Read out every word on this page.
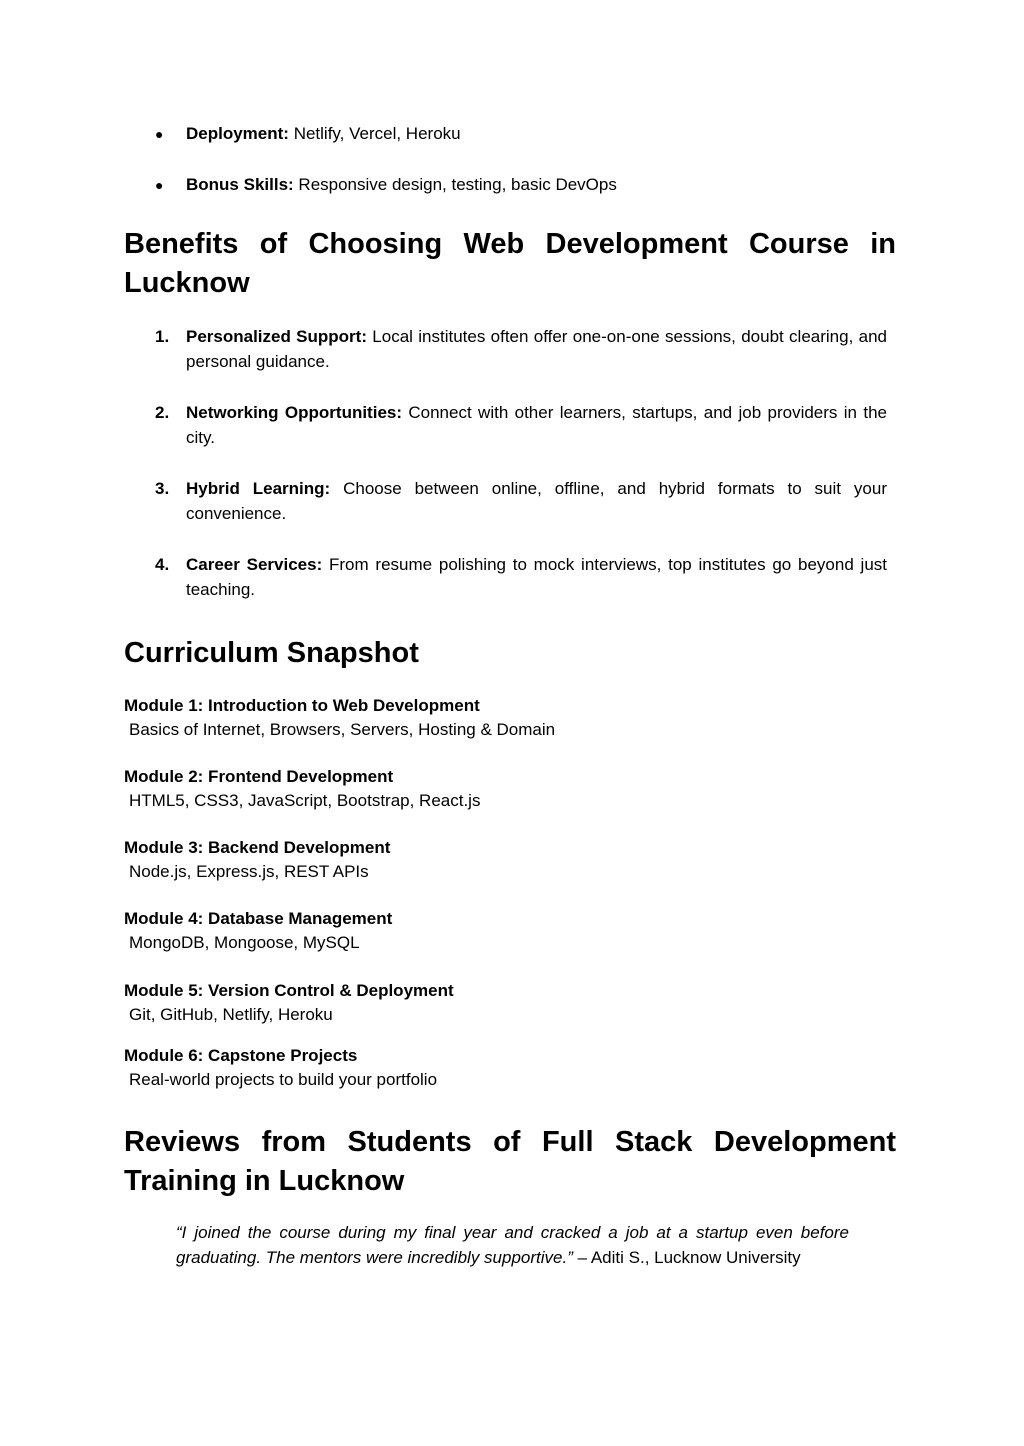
●	Deployment: Netlify, Vercel, Heroku
●	Bonus Skills: Responsive design, testing, basic DevOps
Benefits of Choosing Web Development Course in Lucknow
1. Personalized Support: Local institutes often offer one-on-one sessions, doubt clearing, and personal guidance.
2. Networking Opportunities: Connect with other learners, startups, and job providers in the city.
3. Hybrid Learning: Choose between online, offline, and hybrid formats to suit your convenience.
4. Career Services: From resume polishing to mock interviews, top institutes go beyond just teaching.
Curriculum Snapshot
Module 1: Introduction to Web Development
Basics of Internet, Browsers, Servers, Hosting & Domain
Module 2: Frontend Development
HTML5, CSS3, JavaScript, Bootstrap, React.js
Module 3: Backend Development
Node.js, Express.js, REST APIs
Module 4: Database Management
MongoDB, Mongoose, MySQL
Module 5: Version Control & Deployment
Git, GitHub, Netlify, Heroku
Module 6: Capstone Projects
Real-world projects to build your portfolio
Reviews from Students of Full Stack Development Training in Lucknow
“I joined the course during my final year and cracked a job at a startup even before graduating. The mentors were incredibly supportive.” – Aditi S., Lucknow University
